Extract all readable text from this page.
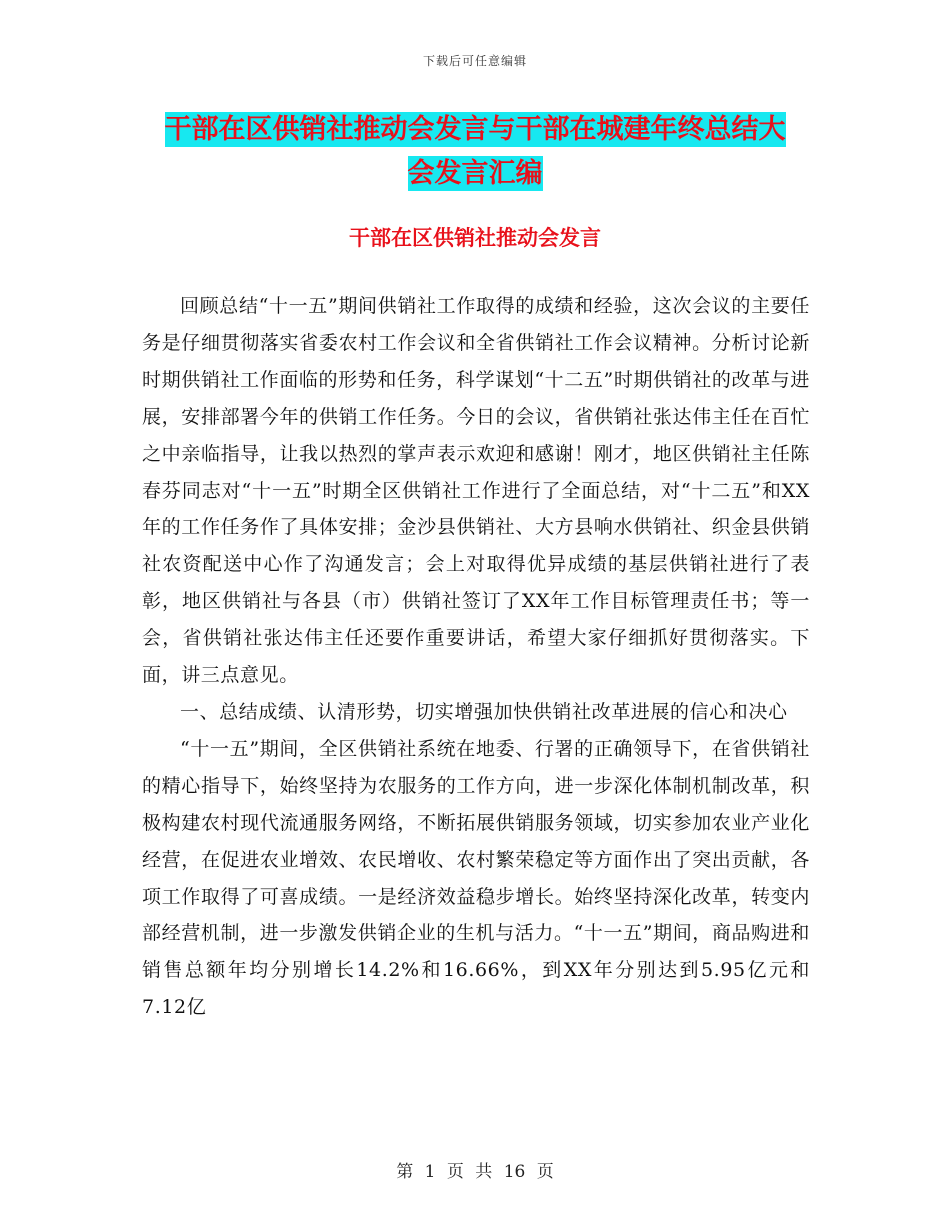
下载后可任意编辑
干部在区供销社推动会发言与干部在城建年终总结大
会发言汇编
干部在区供销社推动会发言

回顾总结“十一五”期间供销社工作取得的成绩和经验，这次会议的主要任务是仔细贯彻落实省委农村工作会议和全省供销社工作会议精神。分析讨论新时期供销社工作面临的形势和任务，科学谋划“十二五”时期供销社的改革与进展，安排部署今年的供销工作任务。今日的会议，省供销社张达伟主任在百忙之中亲临指导，让我以热烈的掌声表示欢迎和感谢！刚才，地区供销社主任陈春芬同志对“十一五”时期全区供销社工作进行了全面总结，对“十二五”和XX年的工作任务作了具体安排；金沙县供销社、大方县响水供销社、织金县供销社农资配送中心作了沟通发言；会上对取得优异成绩的基层供销社进行了表彰，地区供销社与各县（市）供销社签订了XX年工作目标管理责任书；等一会，省供销社张达伟主任还要作重要讲话，希望大家仔细抓好贯彻落实。下面，讲三点意见。

一、总结成绩、认清形势，切实增强加快供销社改革进展的信心和决心

“十一五”期间，全区供销社系统在地委、行署的正确领导下，在省供销社的精心指导下，始终坚持为农服务的工作方向，进一步深化体制机制改革，积极构建农村现代流通服务网络，不断拓展供销服务领域，切实参加农业产业化经营，在促进农业增效、农民增收、农村繁荣稳定等方面作出了突出贡献，各项工作取得了可喜成绩。一是经济效益稳步增长。始终坚持深化改革，转变内部经营机制，进一步激发供销企业的生机与活力。“十一五”期间，商品购进和销售总额年均分别增长14.2%和16.66%，到XX年分别达到5.95亿元和7.12亿

第 1 页 共 16 页
